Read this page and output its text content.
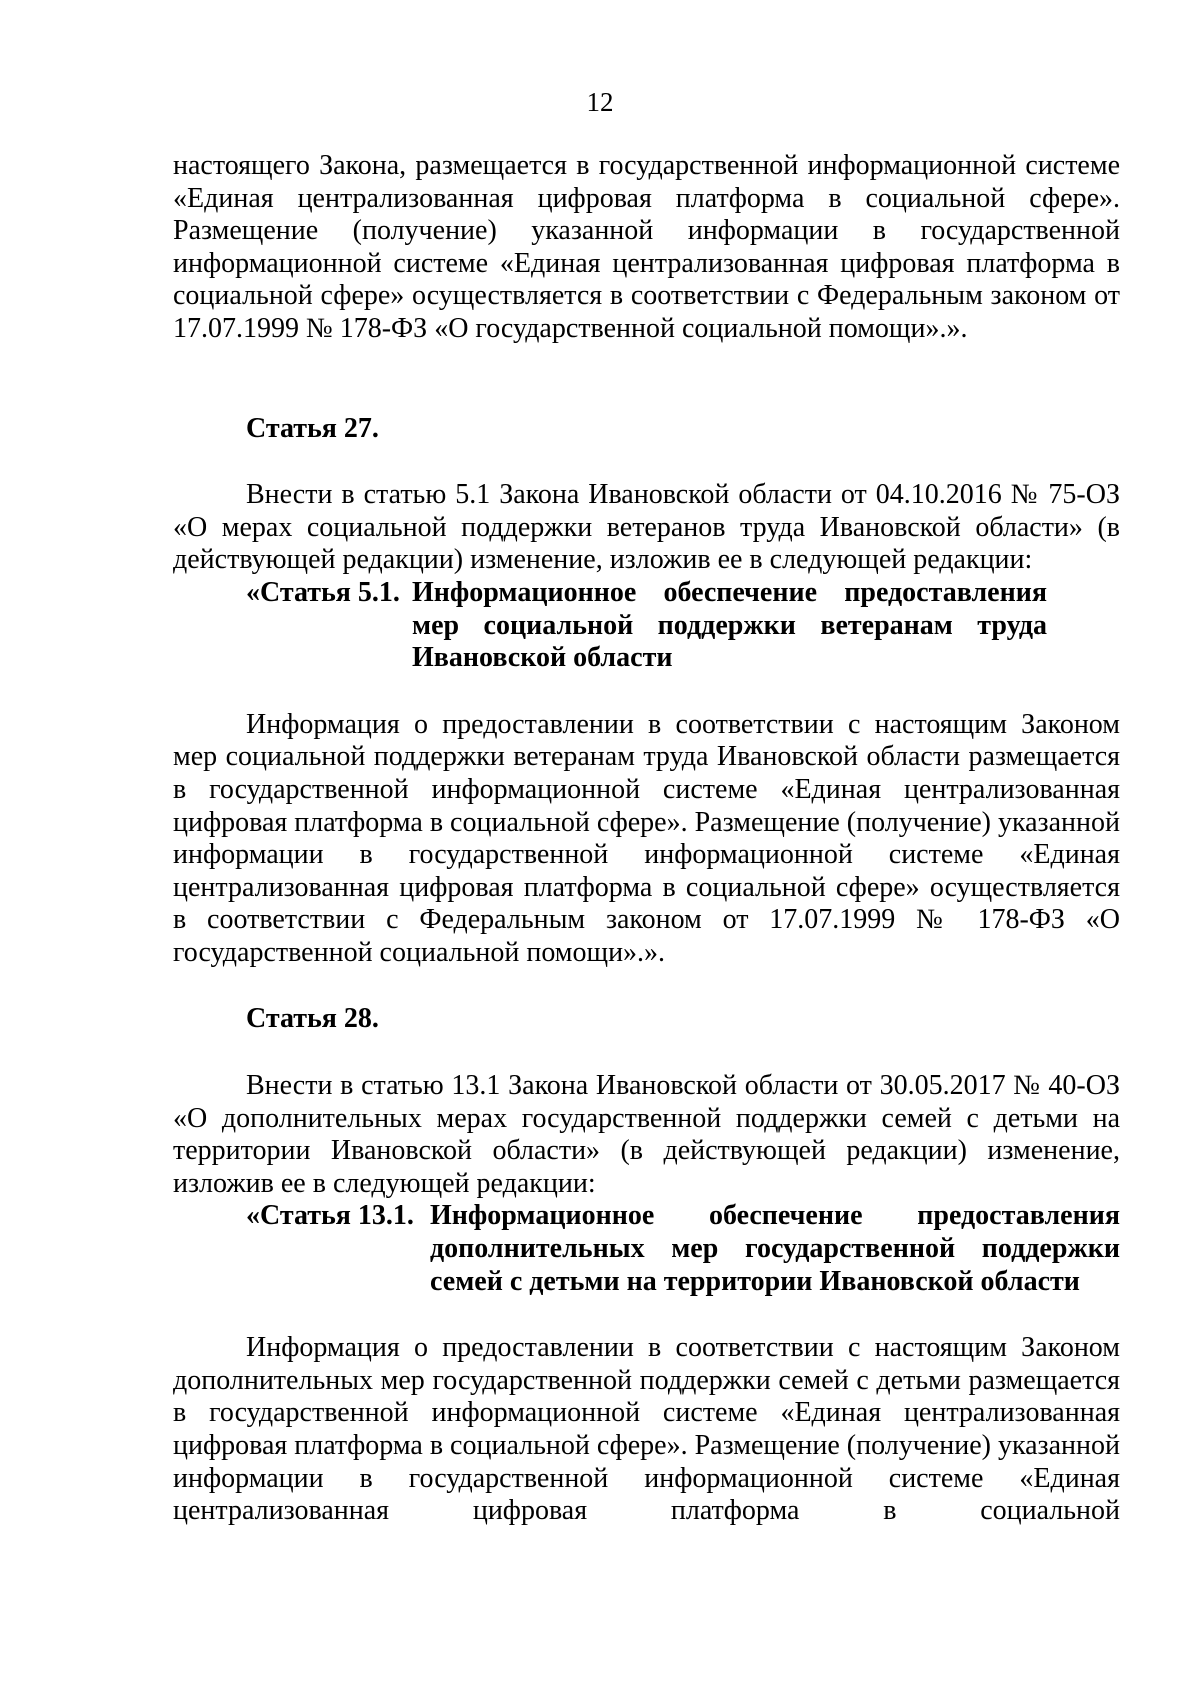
12

настоящего Закона, размещается в государственной информационной системе «Единая централизованная цифровая платформа в социальной сфере». Размещение (получение) указанной информации в государственной информационной системе «Единая централизованная цифровая платформа в социальной сфере» осуществляется в соответствии с Федеральным законом от 17.07.1999 № 178-ФЗ «О государственной социальной помощи».».

Статья 27.

Внести в статью 5.1 Закона Ивановской области от 04.10.2016 № 75-ОЗ «О мерах социальной поддержки ветеранов труда Ивановской области» (в действующей редакции) изменение, изложив ее в следующей редакции:

«Статья 5.1. Информационное обеспечение предоставления мер социальной поддержки ветеранам труда Ивановской области

Информация о предоставлении в соответствии с настоящим Законом мер социальной поддержки ветеранам труда Ивановской области размещается в государственной информационной системе «Единая централизованная цифровая платформа в социальной сфере». Размещение (получение) указанной информации в государственной информационной системе «Единая централизованная цифровая платформа в социальной сфере» осуществляется в соответствии с Федеральным законом от 17.07.1999 № 178-ФЗ «О государственной социальной помощи».».

Статья 28.

Внести в статью 13.1 Закона Ивановской области от 30.05.2017 № 40-ОЗ «О дополнительных мерах государственной поддержки семей с детьми на территории Ивановской области» (в действующей редакции) изменение, изложив ее в следующей редакции:

«Статья 13.1. Информационное обеспечение предоставления дополнительных мер государственной поддержки семей с детьми на территории Ивановской области

Информация о предоставлении в соответствии с настоящим Законом дополнительных мер государственной поддержки семей с детьми размещается в государственной информационной системе «Единая централизованная цифровая платформа в социальной сфере». Размещение (получение) указанной информации в государственной информационной системе «Единая централизованная цифровая платформа в социальной
